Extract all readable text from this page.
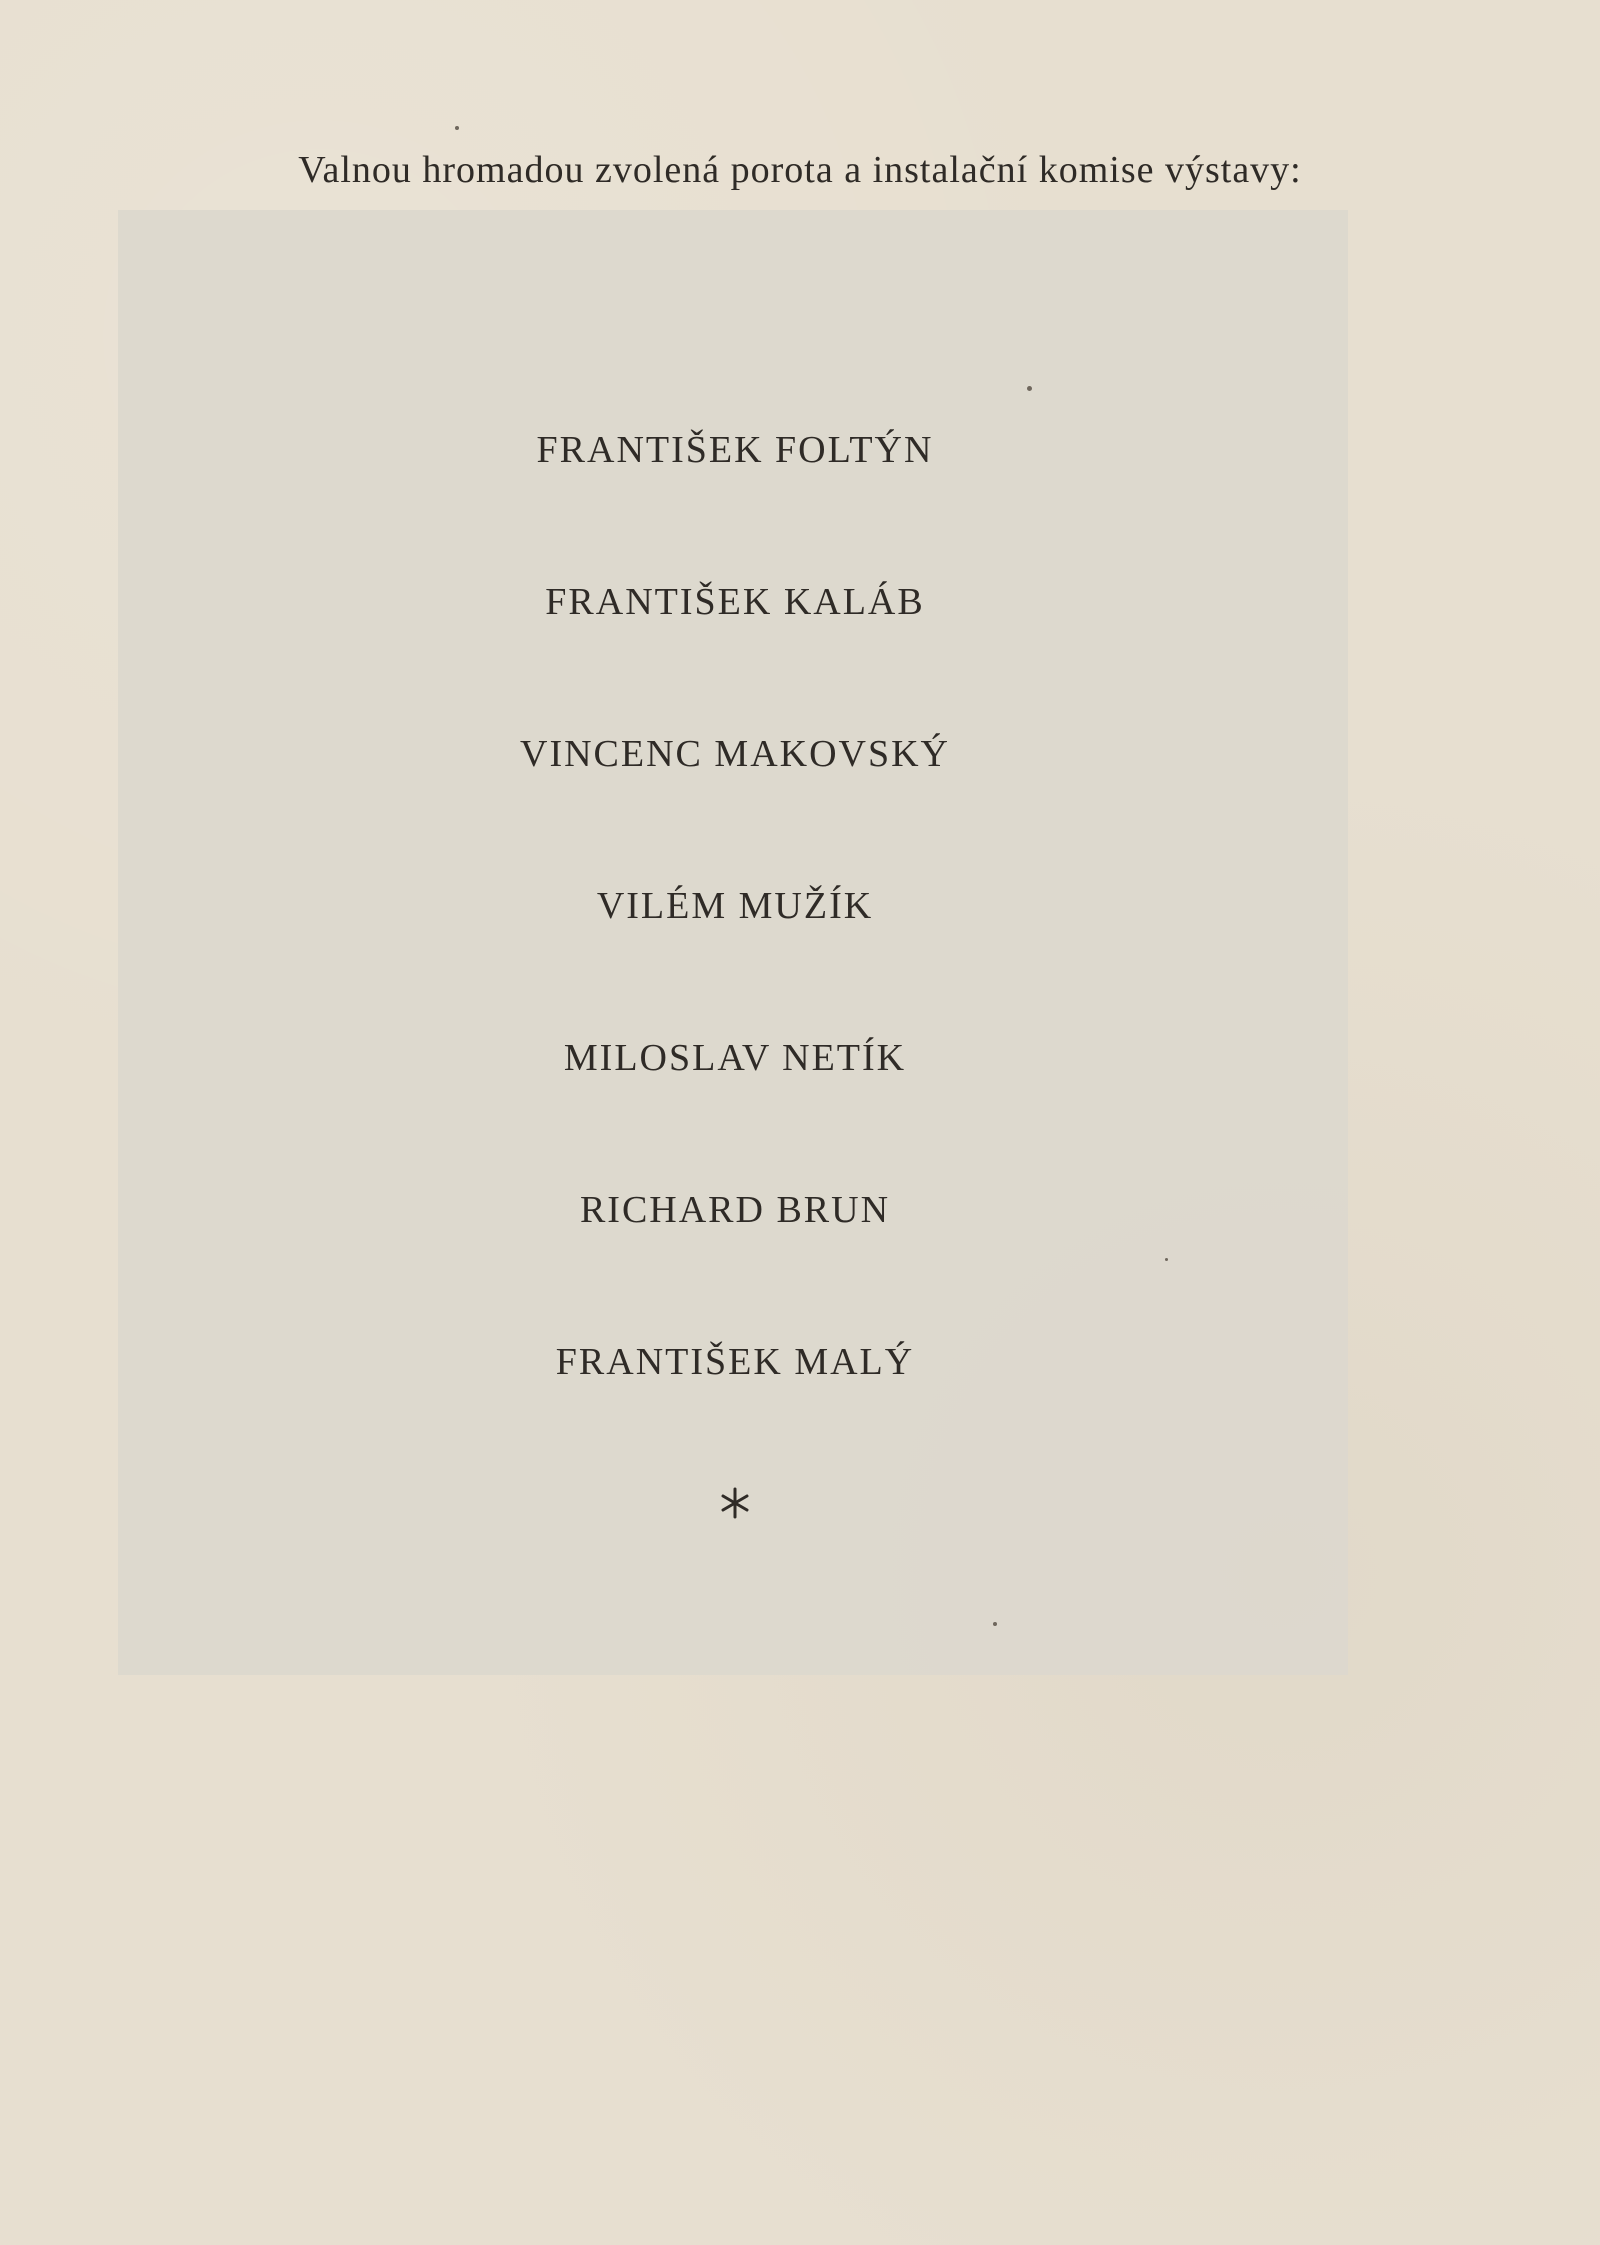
Valnou hromadou zvolená porota a instalační komise výstavy:
FRANTIŠEK FOLTÝN
FRANTIŠEK KALÁB
VINCENC MAKOVSKÝ
VILÉM MUŽÍK
MILOSLAV NETÍK
RICHARD BRUN
FRANTIŠEK MALÝ
